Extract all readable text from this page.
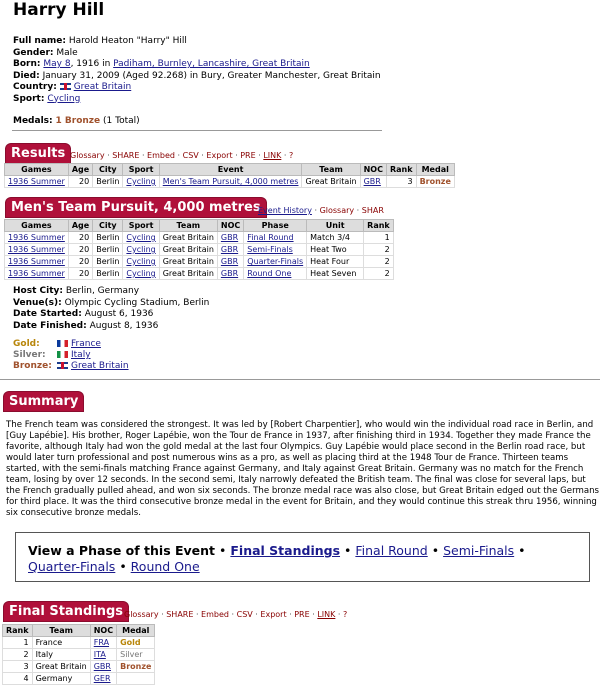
Harry Hill
Full name: Harold Heaton "Harry" Hill
Gender: Male
Born: May 8, 1916 in Padiham, Burnley, Lancashire, Great Britain
Died: January 31, 2009 (Aged 92.268) in Bury, Greater Manchester, Great Britain
Country: Great Britain
Sport: Cycling
Medals: 1 Bronze (1 Total)
Results Glossary · SHARE · Embed · CSV · Export · PRE · LINK · ?
Games	Age	City	Sport	Event	Team	NOC	Rank	Medal
1936 Summer	20	Berlin	Cycling	Men's Team Pursuit, 4,000 metres	Great Britain	GBR	3	Bronze
Men's Team Pursuit, 4,000 metres
Event History · Glossary · SHAR
Games	Age	City	Sport	Team	NOC	Phase	Unit	Rank
1936 Summer	20	Berlin	Cycling	Great Britain	GBR	Final Round	Match 3/4	1
1936 Summer	20	Berlin	Cycling	Great Britain	GBR	Semi-Finals	Heat Two	2
1936 Summer	20	Berlin	Cycling	Great Britain	GBR	Quarter-Finals	Heat Four	2
1936 Summer	20	Berlin	Cycling	Great Britain	GBR	Round One	Heat Seven	2
Host City: Berlin, Germany
Venue(s): Olympic Cycling Stadium, Berlin
Date Started: August 6, 1936
Date Finished: August 8, 1936
Gold:	France
Silver:	Italy
Bronze: Great Britain
Summary
The French team was considered the strongest. It was led by [Robert Charpentier], who would win the individual road race in Berlin, and [Guy Lapébie]. His brother, Roger Lapébie, won the Tour de France in 1937, after finishing third in 1934. Together they made France the favorite, although Italy had won the gold medal at the last four Olympics. Guy Lapébie would place second in the Berlin road race, but would later turn professional and post numerous wins as a pro, as well as placing third at the 1948 Tour de France. Thirteen teams started, with the semi-finals matching France against Germany, and Italy against Great Britain. Germany was no match for the French team, losing by over 12 seconds. In the second semi, Italy narrowly defeated the British team. The final was close for several laps, but the French gradually pulled ahead, and won six seconds. The bronze medal race was also close, but Great Britain edged out the Germans for third place. It was the third consecutive bronze medal in the event for Britain, and they would continue this streak thru 1956, winning six consecutive bronze medals.
View a Phase of this Event • Final Standings • Final Round • Semi-Finals •
Quarter-Finals • Round One
Final Standings Glossary · SHARE · Embed · CSV · Export · PRE · LINK · ?
Rank	Team	NOC	Medal
1	France	FRA	Gold
2	Italy	ITA	Silver
3	Great Britain	GBR	Bronze
4	Germany	GER	
